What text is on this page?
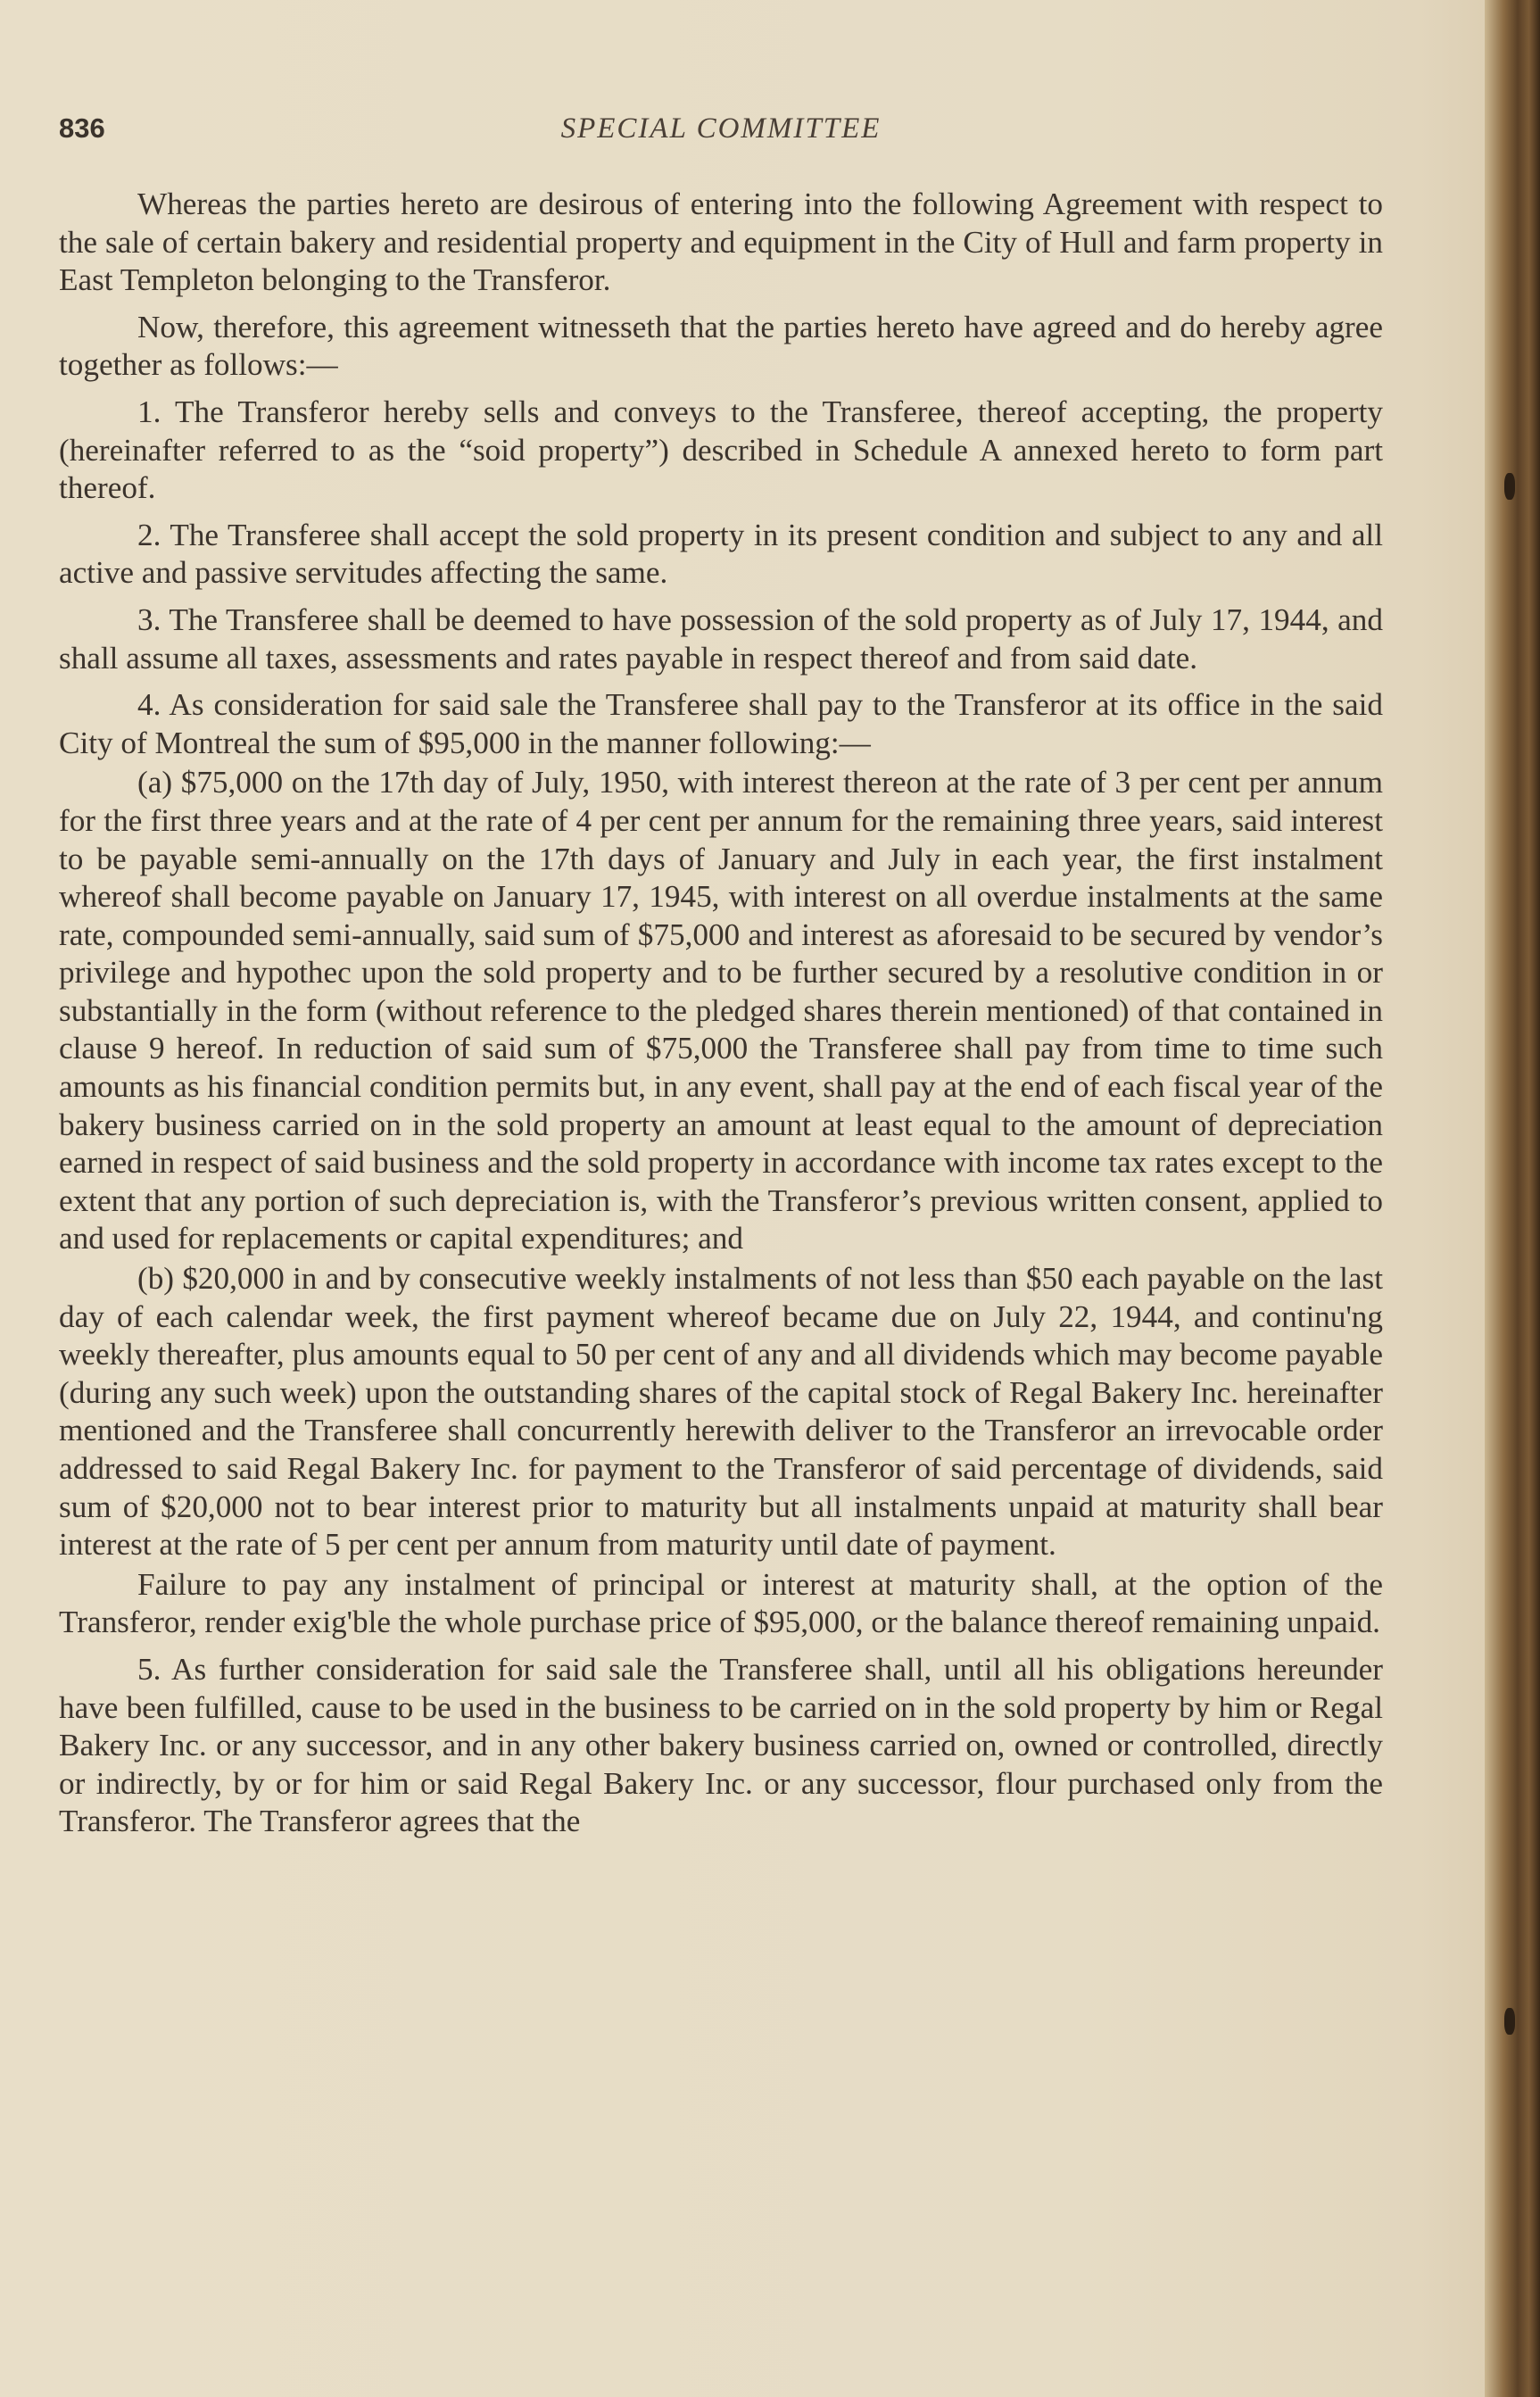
836	SPECIAL COMMITTEE

Whereas the parties hereto are desirous of entering into the following Agreement with respect to the sale of certain bakery and residential property and equipment in the City of Hull and farm property in East Templeton belonging to the Transferor.

Now, therefore, this agreement witnesseth that the parties hereto have agreed and do hereby agree together as follows:—

1. The Transferor hereby sells and conveys to the Transferee, thereof accepting, the property (hereinafter referred to as the “soid property”) described in Schedule A annexed hereto to form part thereof.

2. The Transferee shall accept the sold property in its present condition and subject to any and all active and passive servitudes affecting the same.

3. The Transferee shall be deemed to have possession of the sold property as of July 17, 1944, and shall assume all taxes, assessments and rates payable in respect thereof and from said date.

4. As consideration for said sale the Transferee shall pay to the Transferor at its office in the said City of Montreal the sum of $95,000 in the manner following:—

(a) $75,000 on the 17th day of July, 1950, with interest thereon at the rate of 3 per cent per annum for the first three years and at the rate of 4 per cent per annum for the remaining three years, said interest to be payable semi-annually on the 17th days of January and July in each year, the first instalment whereof shall become payable on January 17, 1945, with interest on all overdue instalments at the same rate, compounded semi-annually, said sum of $75,000 and interest as aforesaid to be secured by vendor’s privilege and hypothec upon the sold property and to be further secured by a resolutive condition in or substantially in the form (without reference to the pledged shares therein mentioned) of that contained in clause 9 hereof. In reduction of said sum of $75,000 the Transferee shall pay from time to time such amounts as his financial condition permits but, in any event, shall pay at the end of each fiscal year of the bakery business carried on in the sold property an amount at least equal to the amount of depreciation earned in respect of said business and the sold property in accordance with income tax rates except to the extent that any portion of such depreciation is, with the Transferor’s previous written consent, applied to and used for replacements or capital expenditures; and

(b) $20,000 in and by consecutive weekly instalments of not less than $50 each payable on the last day of each calendar week, the first payment whereof became due on July 22, 1944, and continu'ng weekly thereafter, plus amounts equal to 50 per cent of any and all dividends which may become payable (during any such week) upon the outstanding shares of the capital stock of Regal Bakery Inc. hereinafter mentioned and the Transferee shall concurrently herewith deliver to the Transferor an irrevocable order addressed to said Regal Bakery Inc. for payment to the Transferor of said percentage of dividends, said sum of $20,000 not to bear interest prior to maturity but all instalments unpaid at maturity shall bear interest at the rate of 5 per cent per annum from maturity until date of payment.

Failure to pay any instalment of principal or interest at maturity shall, at the option of the Transferor, render exig'ble the whole purchase price of $95,000, or the balance thereof remaining unpaid.

5. As further consideration for said sale the Transferee shall, until all his obligations hereunder have been fulfilled, cause to be used in the business to be carried on in the sold property by him or Regal Bakery Inc. or any successor, and in any other bakery business carried on, owned or controlled, directly or indirectly, by or for him or said Regal Bakery Inc. or any successor, flour purchased only from the Transferor. The Transferor agrees that the
